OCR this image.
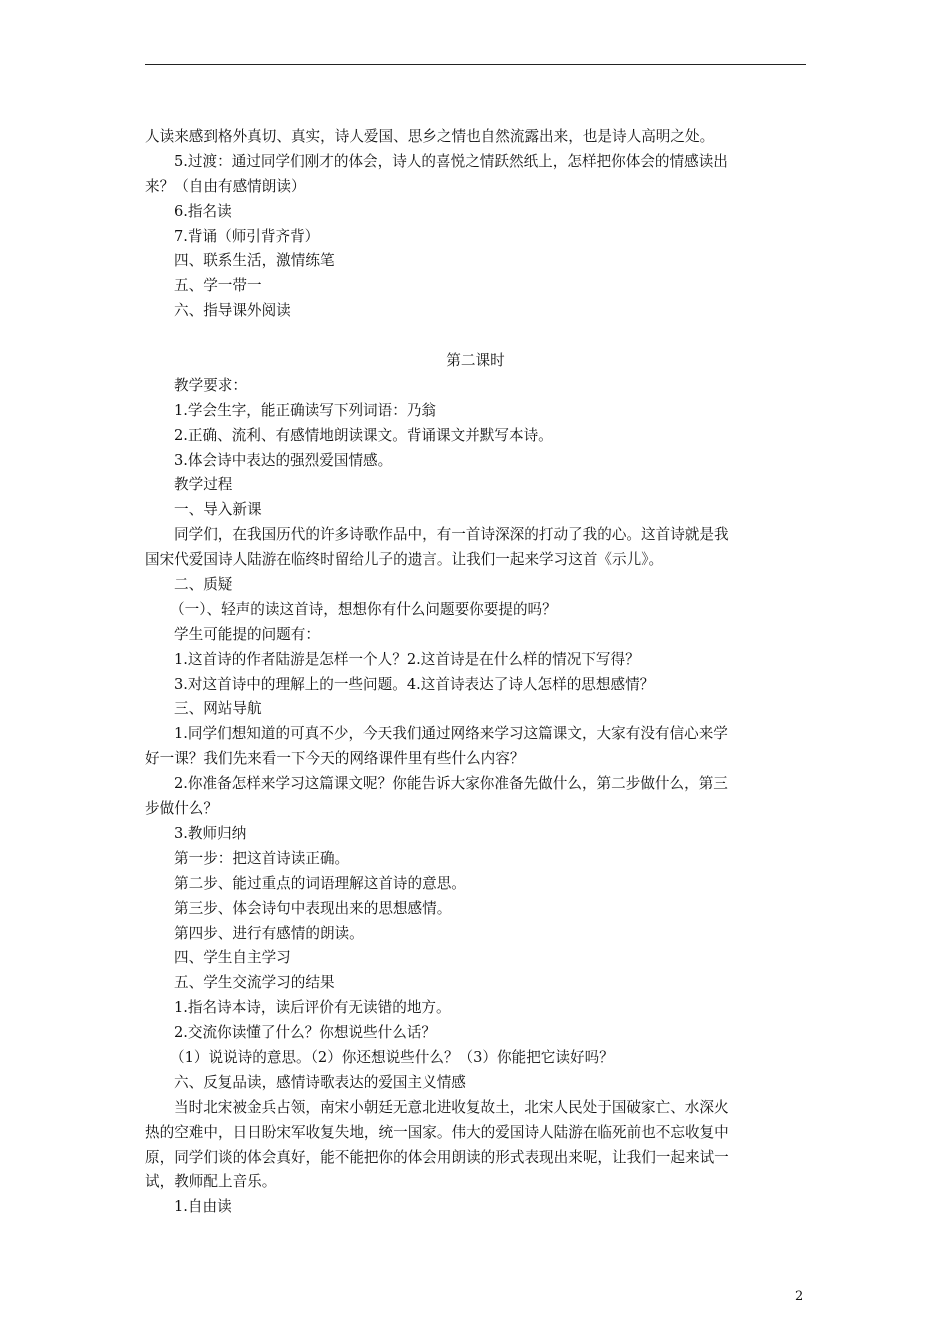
人读来感到格外真切、真实，诗人爱国、思乡之情也自然流露出来，也是诗人高明之处。
5.过渡：通过同学们刚才的体会，诗人的喜悦之情跃然纸上，怎样把你体会的情感读出
来？（自由有感情朗读）
6.指名读
7.背诵（师引背齐背）
四、联系生活，激情练笔
五、学一带一
六、指导课外阅读
第二课时
教学要求：
1.学会生字，能正确读写下列词语：乃翁
2.正确、流利、有感情地朗读课文。背诵课文并默写本诗。
3.体会诗中表达的强烈爱国情感。
教学过程
一、导入新课
同学们，在我国历代的许多诗歌作品中，有一首诗深深的打动了我的心。这首诗就是我
国宋代爱国诗人陆游在临终时留给儿子的遗言。让我们一起来学习这首《示儿》。
二、质疑
（一）、轻声的读这首诗，想想你有什么问题要你要提的吗？
学生可能提的问题有：
1.这首诗的作者陆游是怎样一个人？2.这首诗是在什么样的情况下写得？
3.对这首诗中的理解上的一些问题。4.这首诗表达了诗人怎样的思想感情？
三、网站导航
1.同学们想知道的可真不少，今天我们通过网络来学习这篇课文，大家有没有信心来学
好一课？我们先来看一下今天的网络课件里有些什么内容？
2.你准备怎样来学习这篇课文呢？你能告诉大家你准备先做什么，第二步做什么，第三
步做什么？
3.教师归纳
第一步：把这首诗读正确。
第二步、能过重点的词语理解这首诗的意思。
第三步、体会诗句中表现出来的思想感情。
第四步、进行有感情的朗读。
四、学生自主学习
五、学生交流学习的结果
1.指名诗本诗，读后评价有无读错的地方。
2.交流你读懂了什么？你想说些什么话？
（1）说说诗的意思。（2）你还想说些什么？（3）你能把它读好吗？
六、反复品读，感情诗歌表达的爱国主义情感
当时北宋被金兵占领，南宋小朝廷无意北进收复故土，北宋人民处于国破家亡、水深火
热的空难中，日日盼宋军收复失地，统一国家。伟大的爱国诗人陆游在临死前也不忘收复中
原，同学们谈的体会真好，能不能把你的体会用朗读的形式表现出来呢，让我们一起来试一
试，教师配上音乐。
1.自由读
2
